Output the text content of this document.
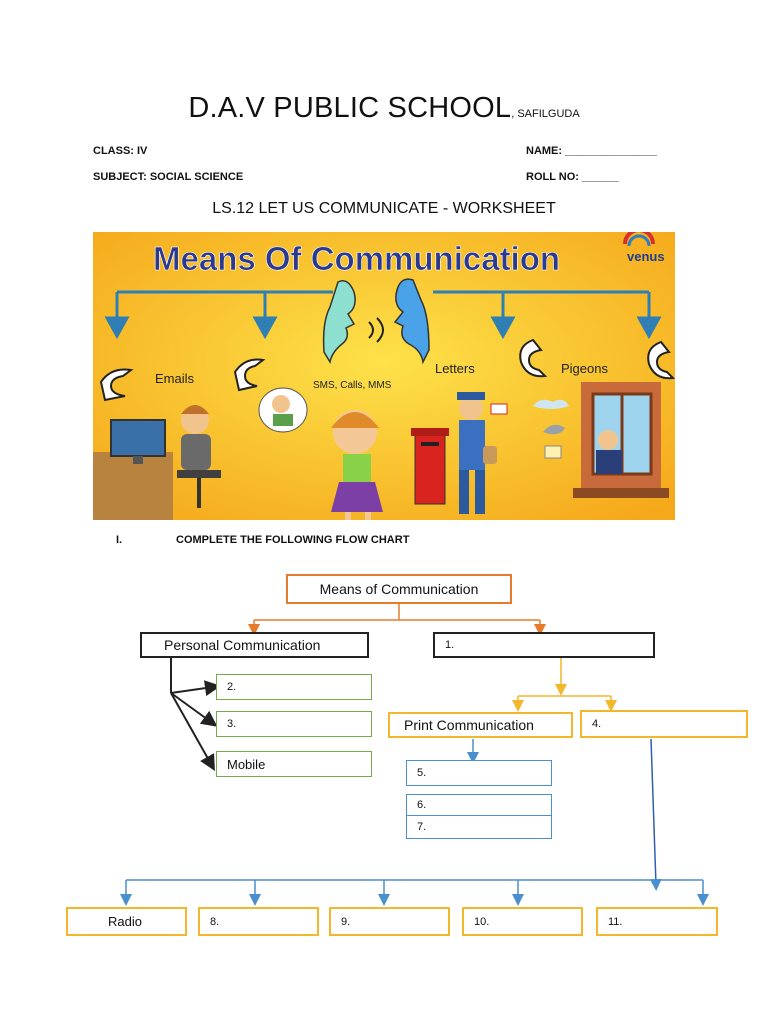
D.A.V PUBLIC SCHOOL, SAFILGUDA
CLASS: IV	NAME: _______________
SUBJECT: SOCIAL SCIENCE	ROLL NO: ______
LS.12 LET US COMMUNICATE - WORKSHEET
Means Of Communication	venus
Emails	SMS, Calls, MMS
Letters	Pigeons
I.	COMPLETE THE FOLLOWING FLOW CHART
Means of Communication
Personal Communication	1.
2.
3.
Mobile
Print Communication	4.
5.
6.
7.
Radio	8.	9.	10.	11.
